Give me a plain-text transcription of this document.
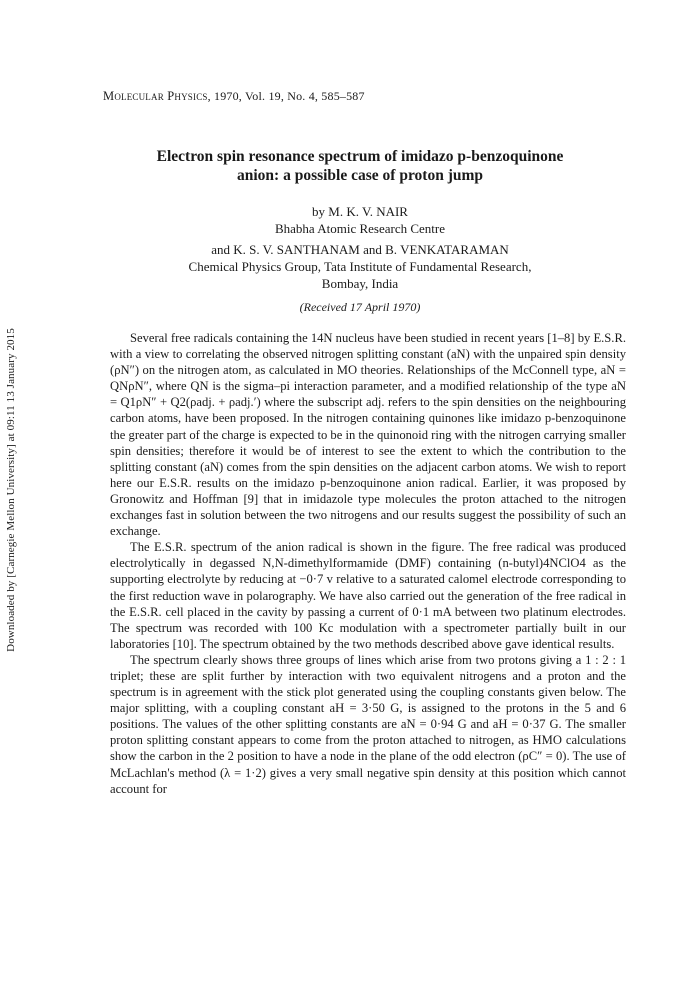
Downloaded by [Carnegie Mellon University] at 09:11 13 January 2015
Molecular Physics, 1970, Vol. 19, No. 4, 585–587
Electron spin resonance spectrum of imidazo p-benzoquinone
anion: a possible case of proton jump
by M. K. V. NAIR
Bhabha Atomic Research Centre
and K. S. V. SANTHANAM and B. VENKATARAMAN
Chemical Physics Group, Tata Institute of Fundamental Research,
Bombay, India
(Received 17 April 1970)

Several free radicals containing the 14N nucleus have been studied in recent years [1–8] by E.S.R. with a view to correlating the observed nitrogen splitting constant (aN) with the unpaired spin density (ρN″) on the nitrogen atom, as calculated in MO theories. Relationships of the McConnell type, aN = QNρN″, where QN is the sigma–pi interaction parameter, and a modified relationship of the type aN = Q1ρN″ + Q2(ρadj. + ρadj.′) where the subscript adj. refers to the spin densities on the neighbouring carbon atoms, have been proposed. In the nitrogen containing quinones like imidazo p-benzoquinone the greater part of the charge is expected to be in the quinonoid ring with the nitrogen carrying smaller spin densities; therefore it would be of interest to see the extent to which the contribution to the splitting constant (aN) comes from the spin densities on the adjacent carbon atoms. We wish to report here our E.S.R. results on the imidazo p-benzoquinone anion radical. Earlier, it was proposed by Gronowitz and Hoffman [9] that in imidazole type molecules the proton attached to the nitrogen exchanges fast in solution between the two nitrogens and our results suggest the possibility of such an exchange.

The E.S.R. spectrum of the anion radical is shown in the figure. The free radical was produced electrolytically in degassed N,N-dimethylformamide (DMF) containing (n-butyl)4NClO4 as the supporting electrolyte by reducing at −0·7 v relative to a saturated calomel electrode corresponding to the first reduction wave in polarography. We have also carried out the generation of the free radical in the E.S.R. cell placed in the cavity by passing a current of 0·1 mA between two platinum electrodes. The spectrum was recorded with 100 Kc modulation with a spectrometer partially built in our laboratories [10]. The spectrum obtained by the two methods described above gave identical results.

The spectrum clearly shows three groups of lines which arise from two protons giving a 1 : 2 : 1 triplet; these are split further by interaction with two equivalent nitrogens and a proton and the spectrum is in agreement with the stick plot generated using the coupling constants given below. The major splitting, with a coupling constant aH = 3·50 G, is assigned to the protons in the 5 and 6 positions. The values of the other splitting constants are aN = 0·94 G and aH = 0·37 G. The smaller proton splitting constant appears to come from the proton attached to nitrogen, as HMO calculations show the carbon in the 2 position to have a node in the plane of the odd electron (ρC″ = 0). The use of McLachlan's method (λ = 1·2) gives a very small negative spin density at this position which cannot account for
